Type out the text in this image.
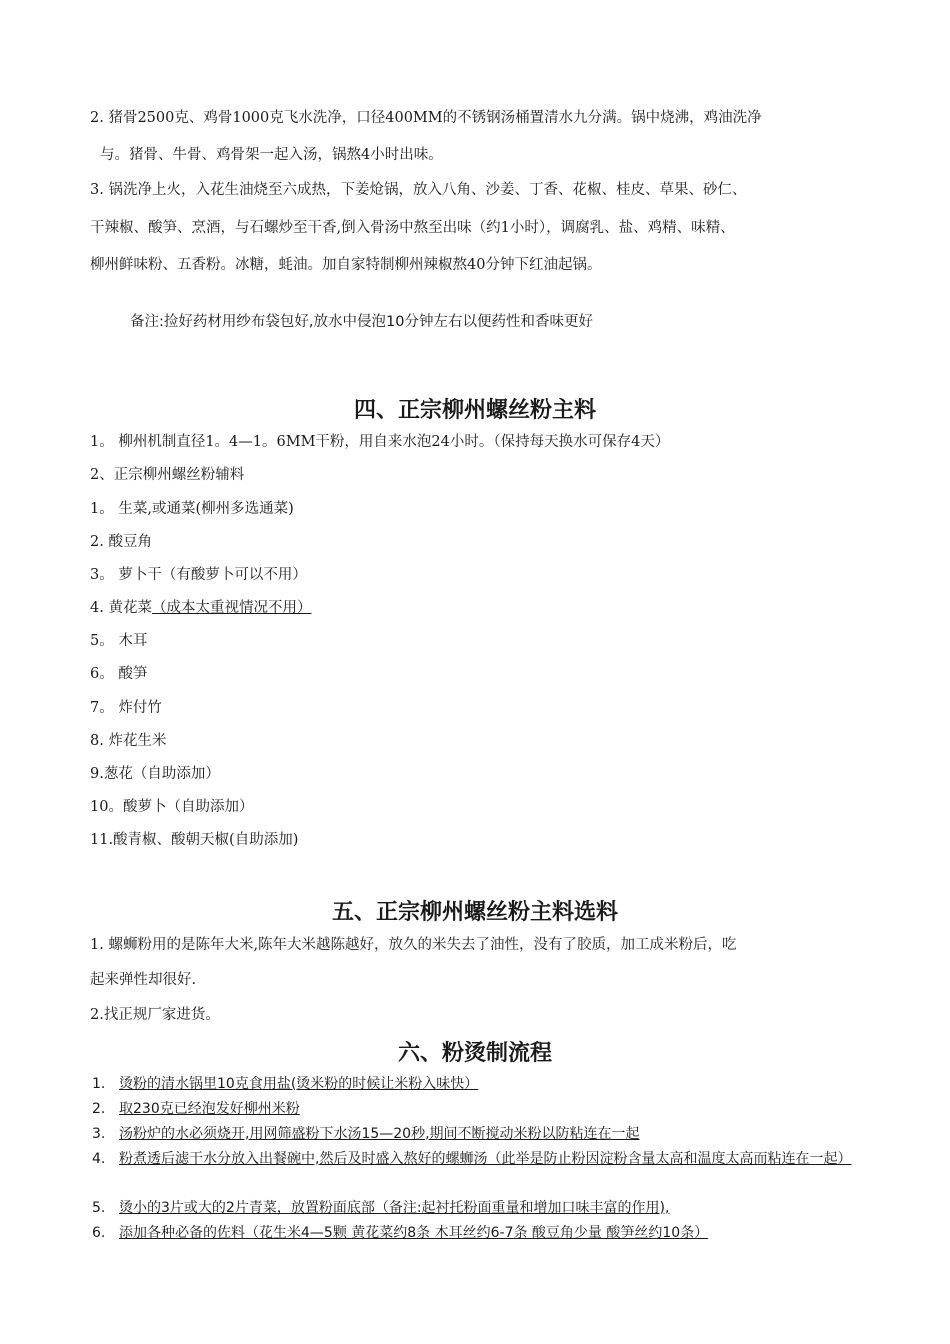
2. 猪骨2500克、鸡骨1000克飞水洗净，口径400MM的不锈钢汤桶置清水九分满。锅中烧沸，鸡油洗净
与。猪骨、牛骨、鸡骨架一起入汤，锅熬4小时出味。
3. 锅洗净上火，入花生油烧至六成热，下姜炝锅，放入八角、沙姜、丁香、花椒、桂皮、草果、砂仁、
干辣椒、酸笋、烹酒，与石螺炒至干香,倒入骨汤中熬至出味（约1小时），调腐乳、盐、鸡精、味精、
柳州鲜味粉、五香粉。冰糖，蚝油。加自家特制柳州辣椒熬40分钟下红油起锅。
备注:捡好药材用纱布袋包好,放水中侵泡10分钟左右以便药性和香味更好
四、正宗柳州螺丝粉主料
1。 柳州机制直径1。4—1。6MM干粉，用自来水泡24小时。（保持每天换水可保存4天）
2、正宗柳州螺丝粉辅料
1。 生菜,或通菜(柳州多选通菜)
2. 酸豆角
3。 萝卜干（有酸萝卜可以不用）
4. 黄花菜（成本太重视情况不用）
5。 木耳
6。 酸笋
7。 炸付竹
8. 炸花生米
9.葱花（自助添加）
10。酸萝卜（自助添加）
11.酸青椒、酸朝天椒(自助添加)
五、正宗柳州螺丝粉主料选料
1. 螺蛳粉用的是陈年大米,陈年大米越陈越好，放久的米失去了油性，没有了胶质，加工成米粉后，吃
起来弹性却很好.
2.找正规厂家进货。
六、粉烫制流程
1. 烫粉的清水锅里10克食用盐(烫米粉的时候让米粉入味快）
2. 取230克已经泡发好柳州米粉
3. 汤粉炉的水必须烧开,用网筛盛粉下水汤15—20秒,期间不断搅动米粉以防粘连在一起
4. 粉煮透后滤干水分放入出餐碗中,然后及时盛入熬好的螺蛳汤（此举是防止粉因淀粉含量太高和温度太高而粘连在一起）
5. 烫小的3片或大的2片青菜，放置粉面底部（备注:起衬托粉面重量和增加口味丰富的作用),
6. 添加各种必备的佐料（花生米4—5颗 黄花菜约8条 木耳丝约6-7条 酸豆角少量 酸笋丝约10条）
